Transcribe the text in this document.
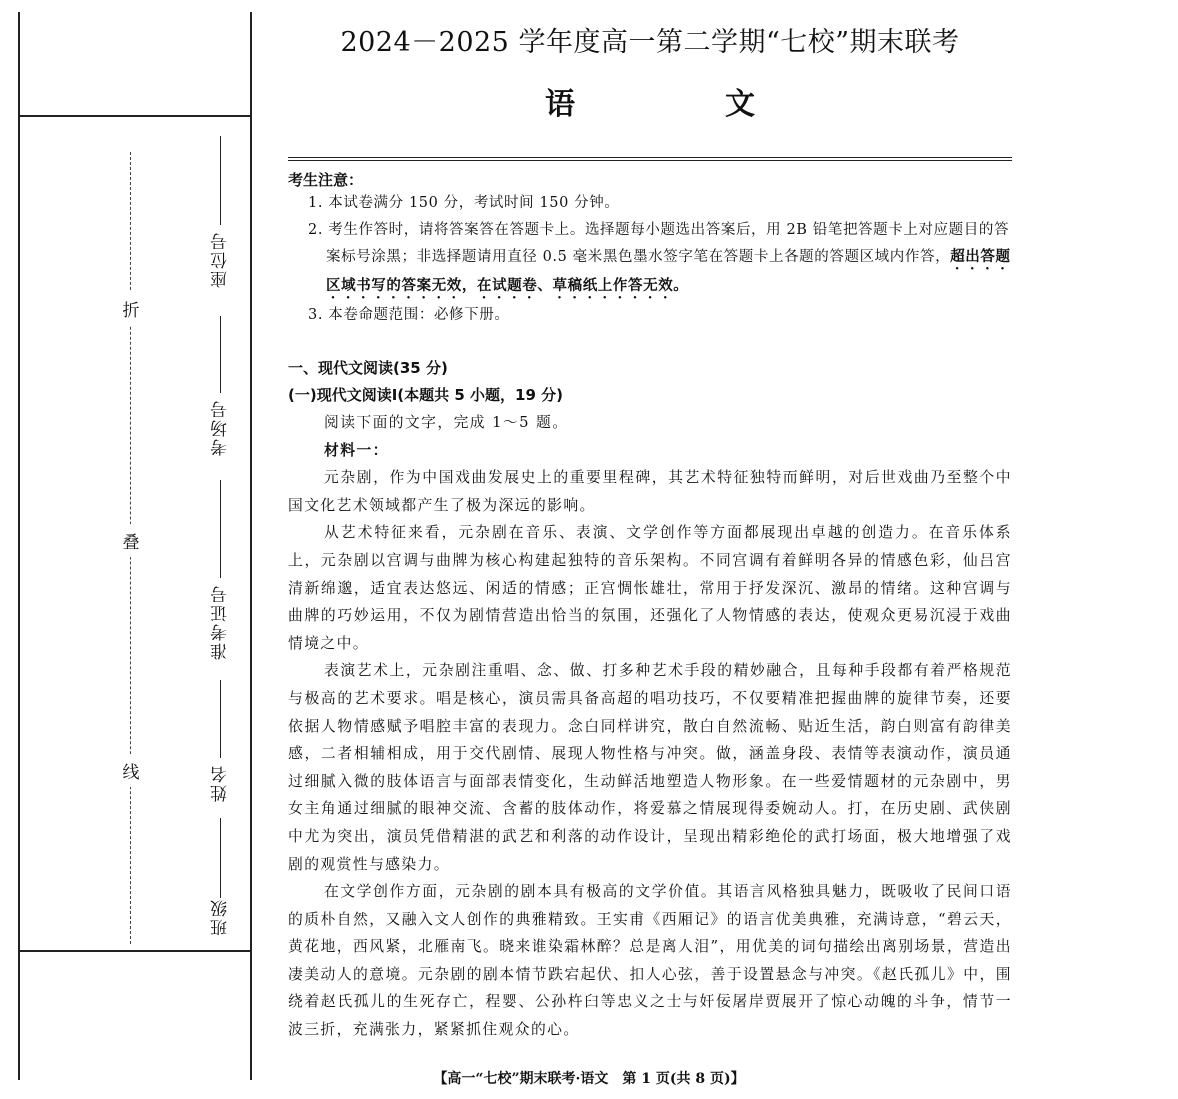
折
叠
线
座位号
考场号
准考证号
姓名
班级
2024－2025 学年度高一第二学期“七校”期末联考
语　文
考生注意：
1. 本试卷满分 150 分，考试时间 150 分钟。
2. 考生作答时，请将答案答在答题卡上。选择题每小题选出答案后，用 2B 铅笔把答题卡上对应题目的答案标号涂黑；非选择题请用直径 0.5 毫米黑色墨水签字笔在答题卡上各题的答题区域内作答，超出答题区域书写的答案无效，在试题卷、草稿纸上作答无效。
3. 本卷命题范围：必修下册。
一、现代文阅读(35 分)
(一)现代文阅读Ⅰ(本题共 5 小题，19 分)
阅读下面的文字，完成 1～5 题。
材料一：
元杂剧，作为中国戏曲发展史上的重要里程碑，其艺术特征独特而鲜明，对后世戏曲乃至整个中国文化艺术领域都产生了极为深远的影响。
从艺术特征来看，元杂剧在音乐、表演、文学创作等方面都展现出卓越的创造力。在音乐体系上，元杂剧以宫调与曲牌为核心构建起独特的音乐架构。不同宫调有着鲜明各异的情感色彩，仙吕宫清新绵邈，适宜表达悠远、闲适的情感；正宫惆怅雄壮，常用于抒发深沉、激昂的情绪。这种宫调与曲牌的巧妙运用，不仅为剧情营造出恰当的氛围，还强化了人物情感的表达，使观众更易沉浸于戏曲情境之中。
表演艺术上，元杂剧注重唱、念、做、打多种艺术手段的精妙融合，且每种手段都有着严格规范与极高的艺术要求。唱是核心，演员需具备高超的唱功技巧，不仅要精准把握曲牌的旋律节奏，还要依据人物情感赋予唱腔丰富的表现力。念白同样讲究，散白自然流畅、贴近生活，韵白则富有韵律美感，二者相辅相成，用于交代剧情、展现人物性格与冲突。做，涵盖身段、表情等表演动作，演员通过细腻入微的肢体语言与面部表情变化，生动鲜活地塑造人物形象。在一些爱情题材的元杂剧中，男女主角通过细腻的眼神交流、含蓄的肢体动作，将爱慕之情展现得委婉动人。打，在历史剧、武侠剧中尤为突出，演员凭借精湛的武艺和利落的动作设计，呈现出精彩绝伦的武打场面，极大地增强了戏剧的观赏性与感染力。
在文学创作方面，元杂剧的剧本具有极高的文学价值。其语言风格独具魅力，既吸收了民间口语的质朴自然，又融入文人创作的典雅精致。王实甫《西厢记》的语言优美典雅，充满诗意，“碧云天，黄花地，西风紧，北雁南飞。晓来谁染霜林醉？总是离人泪”，用优美的词句描绘出离别场景，营造出凄美动人的意境。元杂剧的剧本情节跌宕起伏、扣人心弦，善于设置悬念与冲突。《赵氏孤儿》中，围绕着赵氏孤儿的生死存亡，程婴、公孙杵臼等忠义之士与奸佞屠岸贾展开了惊心动魄的斗争，情节一波三折，充满张力，紧紧抓住观众的心。
【高一“七校”期末联考·语文　第 1 页(共 8 页)】
